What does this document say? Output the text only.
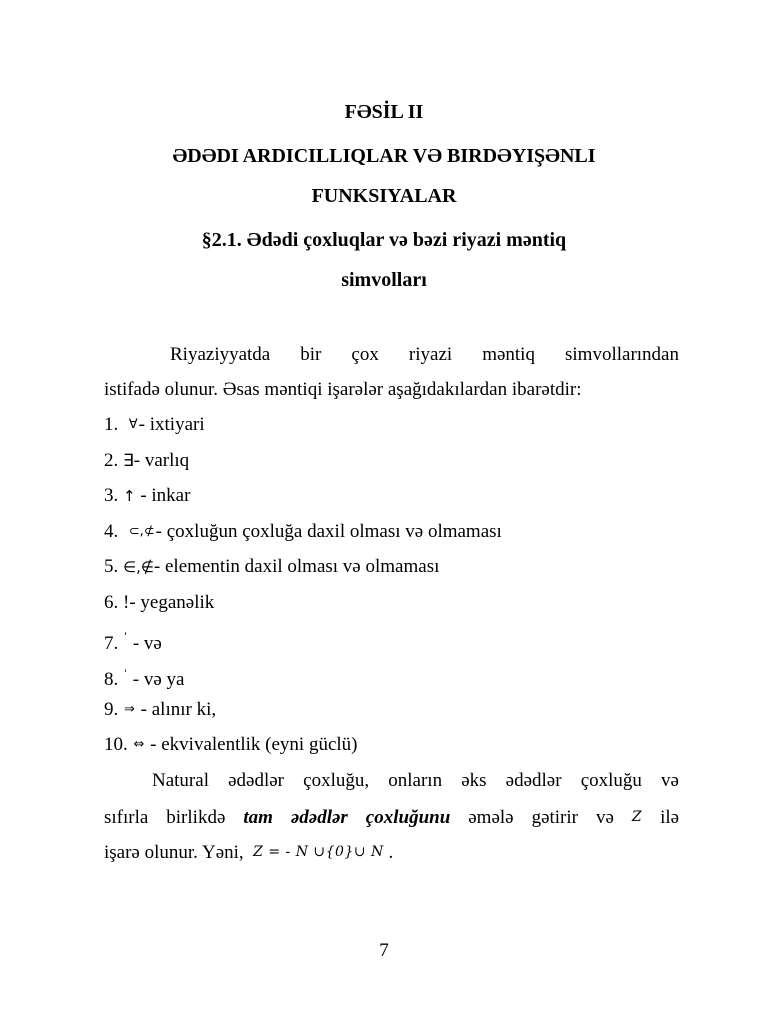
FƏSİL II
ƏDƏDI ARDICILLIQLAR VƏ BIRDƏYIŞƏNLI
FUNKSIYALAR
§2.1. Ədədi çoxluqlar və bəzi riyazi məntiq
simvolları
Riyaziyyatda bir çox riyazi məntiq simvollarından
istifadə olunur. Əsas məntiqi işarələr aşağıdakılardan ibarətdir:
1. ∀- ixtiyari
2. ∃- varlıq
3. ↑ - inkar
4. ⊂,⊄- çoxluğun çoxluğa daxil olması və olmaması
5. ∈,∉- elementin daxil olması və olmaması
6. !- yeganəlik
7. ʹ - və
8. ˈ - və ya
9. ⇒ - alınır ki,
10. ⇔ - ekvivalentlik (eyni güclü)
Natural ədədlər çoxluğu, onların əks ədədlər çoxluğu və
sıfırla birlikdə tam ədədlər çoxluğunu əmələ gətirir və Z ilə
işarə olunur. Yəni, Z = - N ∪{0}∪ N .
7
